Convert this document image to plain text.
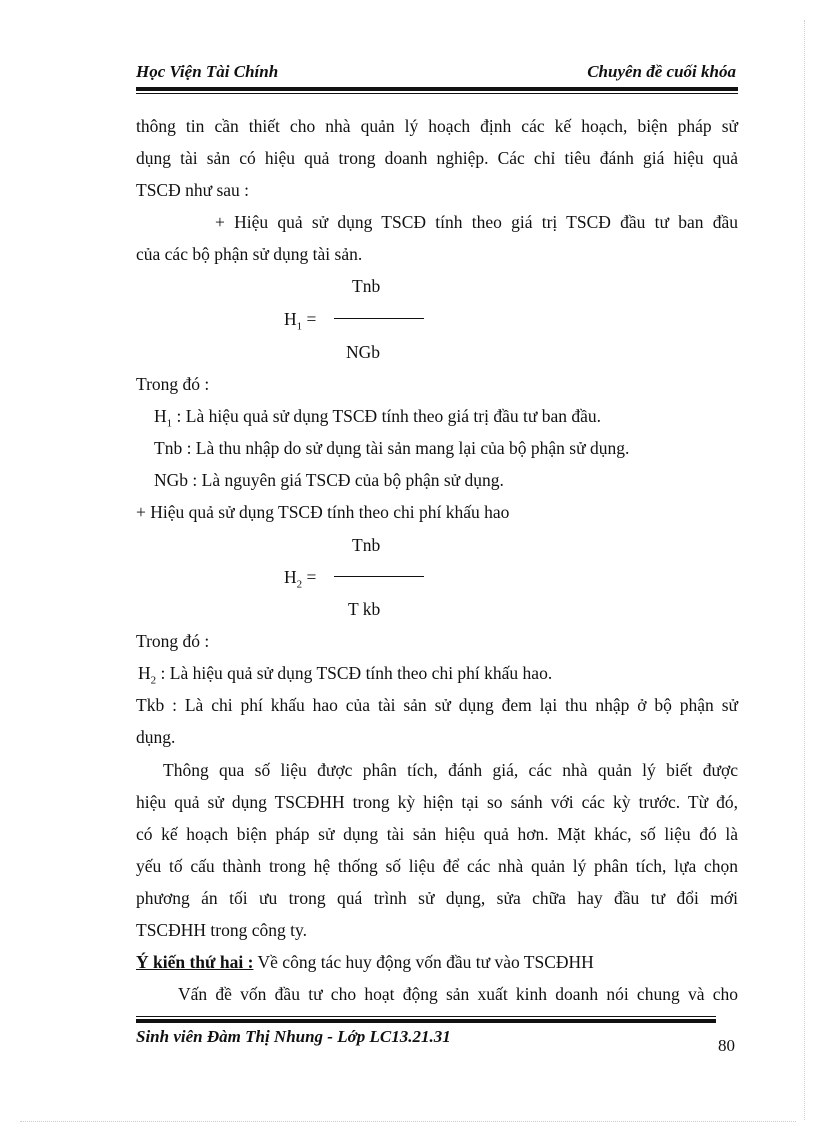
Học Viện Tài Chính	Chuyên đề cuối khóa
thông tin cần thiết cho nhà quản lý hoạch định các kế hoạch, biện pháp sử
dụng tài sản có hiệu quả trong doanh nghiệp. Các chỉ tiêu đánh giá hiệu quả
TSCĐ như sau :
+ Hiệu quả sử dụng TSCĐ tính theo giá trị TSCĐ đầu tư ban đầu
của các bộ phận sử dụng tài sản.
Tnb
$H_1$ =
NGb
Trong đó :
$H_1$ : Là hiệu quả sử dụng TSCĐ tính theo giá trị đầu tư ban đầu.
Tnb : Là thu nhập do sử dụng tài sản mang lại của bộ phận sử dụng.
NGb : Là nguyên giá TSCĐ của bộ phận sử dụng.
+ Hiệu quả sử dụng TSCĐ tính theo chi phí khấu hao
Tnb
$H_2$ =
T kb
Trong đó :
$H_2$ : Là hiệu quả sử dụng TSCĐ tính theo chi phí khấu hao.
Tkb : Là chi phí khấu hao của tài sản sử dụng đem lại thu nhập ở bộ phận sử
dụng.
Thông qua số liệu được phân tích, đánh giá, các nhà quản lý biết được
hiệu quả sử dụng TSCĐHH trong kỳ hiện tại so sánh với các kỳ trước. Từ đó,
có kế hoạch biện pháp sử dụng tài sản hiệu quả hơn. Mặt khác, số liệu đó là
yếu tố cấu thành trong hệ thống số liệu để các nhà quản lý phân tích, lựa chọn
phương án tối ưu trong quá trình sử dụng, sửa chữa hay đầu tư đổi mới
TSCĐHH trong công ty.
Ý kiến thứ hai : Về công tác huy động vốn đầu tư vào TSCĐHH
Vấn đề vốn đầu tư cho hoạt động sản xuất kinh doanh nói chung và cho
Sinh viên Đàm Thị Nhung - Lớp LC13.21.31	80
